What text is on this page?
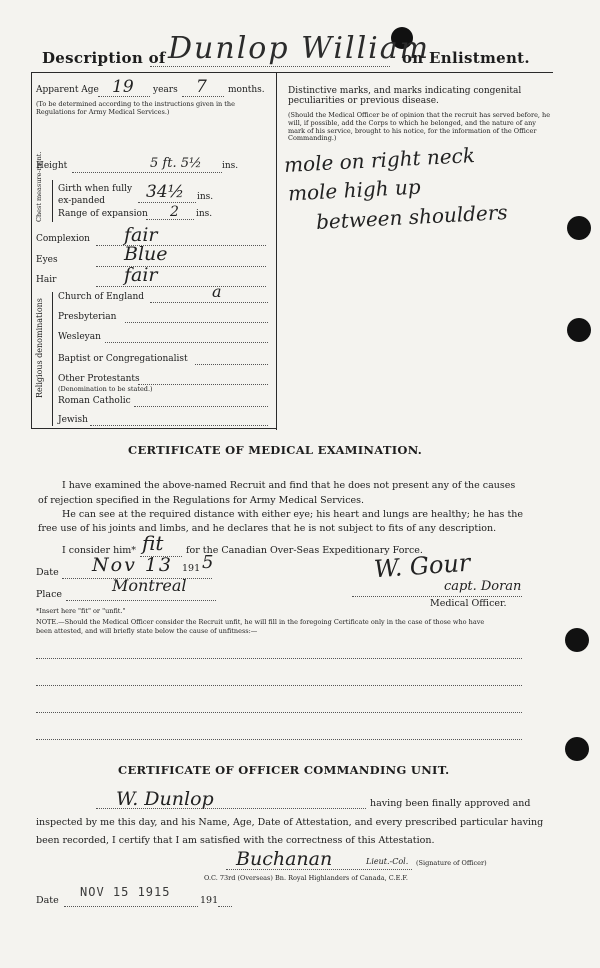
Description of Dunlop William
on Enlistment.
Apparent Age 19 years 7 months.
(To be determined according to the instructions given in the Regulations for Army Medical Services.)
Height	5 ft. 5½ ins.
Chest measure-ment. Girth when fully ex-panded	34½ ins.
Range of expansion 2 ins.
Complexion fair
Eyes	Blue
Hair	fair
Religious denominations
Church of England	a
Presbyterian
Wesleyan
Baptist or Congregationalist
Other Protestants
(Denomination to be stated.)
Roman Catholic
Jewish
Distinctive marks, and marks indicating congenital peculiarities or previous disease.
(Should the Medical Officer be of opinion that the recruit has served before, he will, if possible, add the Corps to which he belonged, and the nature of any mark of his service, brought to his notice, for the information of the Officer Commanding.)
mole on right neck
mole high up
between shoulders
CERTIFICATE OF MEDICAL EXAMINATION.
I have examined the above-named Recruit and find that he does not present any of the causes
of rejection specified in the Regulations for Army Medical Services.
He can see at the required distance with either eye; his heart and lungs are healthy; he has the
free use of his joints and limbs, and he declares that he is not subject to fits of any description.
I consider him* fit for the Canadian Over-Seas Expeditionary Force.
Date Nov 13 191 5
Place	Montreal
W. Gour
capt. Doran
Medical Officer.
*Insert here "fit" or "unfit."
NOTE.—Should the Medical Officer consider the Recruit unfit, he will fill in the foregoing Certificate only in the case of those who have
been attested, and will briefly state below the cause of unfitness:—
CERTIFICATE OF OFFICER COMMANDING UNIT.
W. Dunlop	having been finally approved and
inspected by me this day, and his Name, Age, Date of Attestation, and every prescribed particular having
been recorded, I certify that I am satisfied with the correctness of this Attestation.
Buchanan	Lieut.-Col. (Signature of Officer)
O.C. 73rd (Overseas) Bn. Royal Highlanders of Canada, C.E.F.
Date
NOV 15 1915
191
